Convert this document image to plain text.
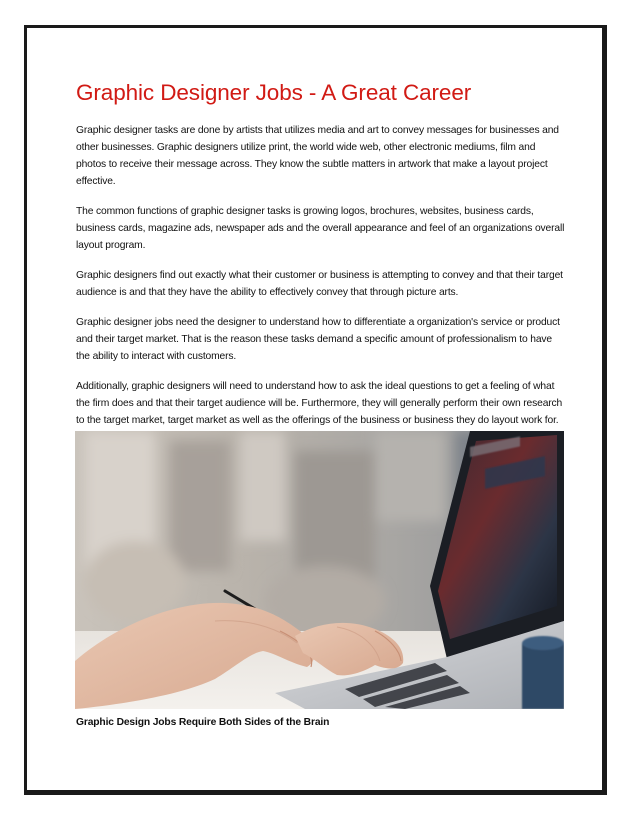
Graphic Designer Jobs - A Great Career

Graphic designer tasks are done by artists that utilizes media and art to convey messages for businesses and other businesses. Graphic designers utilize print, the world wide web, other electronic mediums, film and photos to receive their message across. They know the subtle matters in artwork that make a layout project effective.

The common functions of graphic designer tasks is growing logos, brochures, websites, business cards, business cards, magazine ads, newspaper ads and the overall appearance and feel of an organizations overall layout program.

Graphic designers find out exactly what their customer or business is attempting to convey and that their target audience is and that they have the ability to effectively convey that through picture arts.

Graphic designer jobs need the designer to understand how to differentiate a organization's service or product and their target market. That is the reason these tasks demand a specific amount of professionalism to have the ability to interact with customers.

Additionally, graphic designers will need to understand how to ask the ideal questions to get a feeling of what the firm does and that their target audience will be. Furthermore, they will generally perform their own research to the target market, target market as well as the offerings of the business or business they do layout work for.

Graphic Design Jobs Require Both Sides of the Brain
